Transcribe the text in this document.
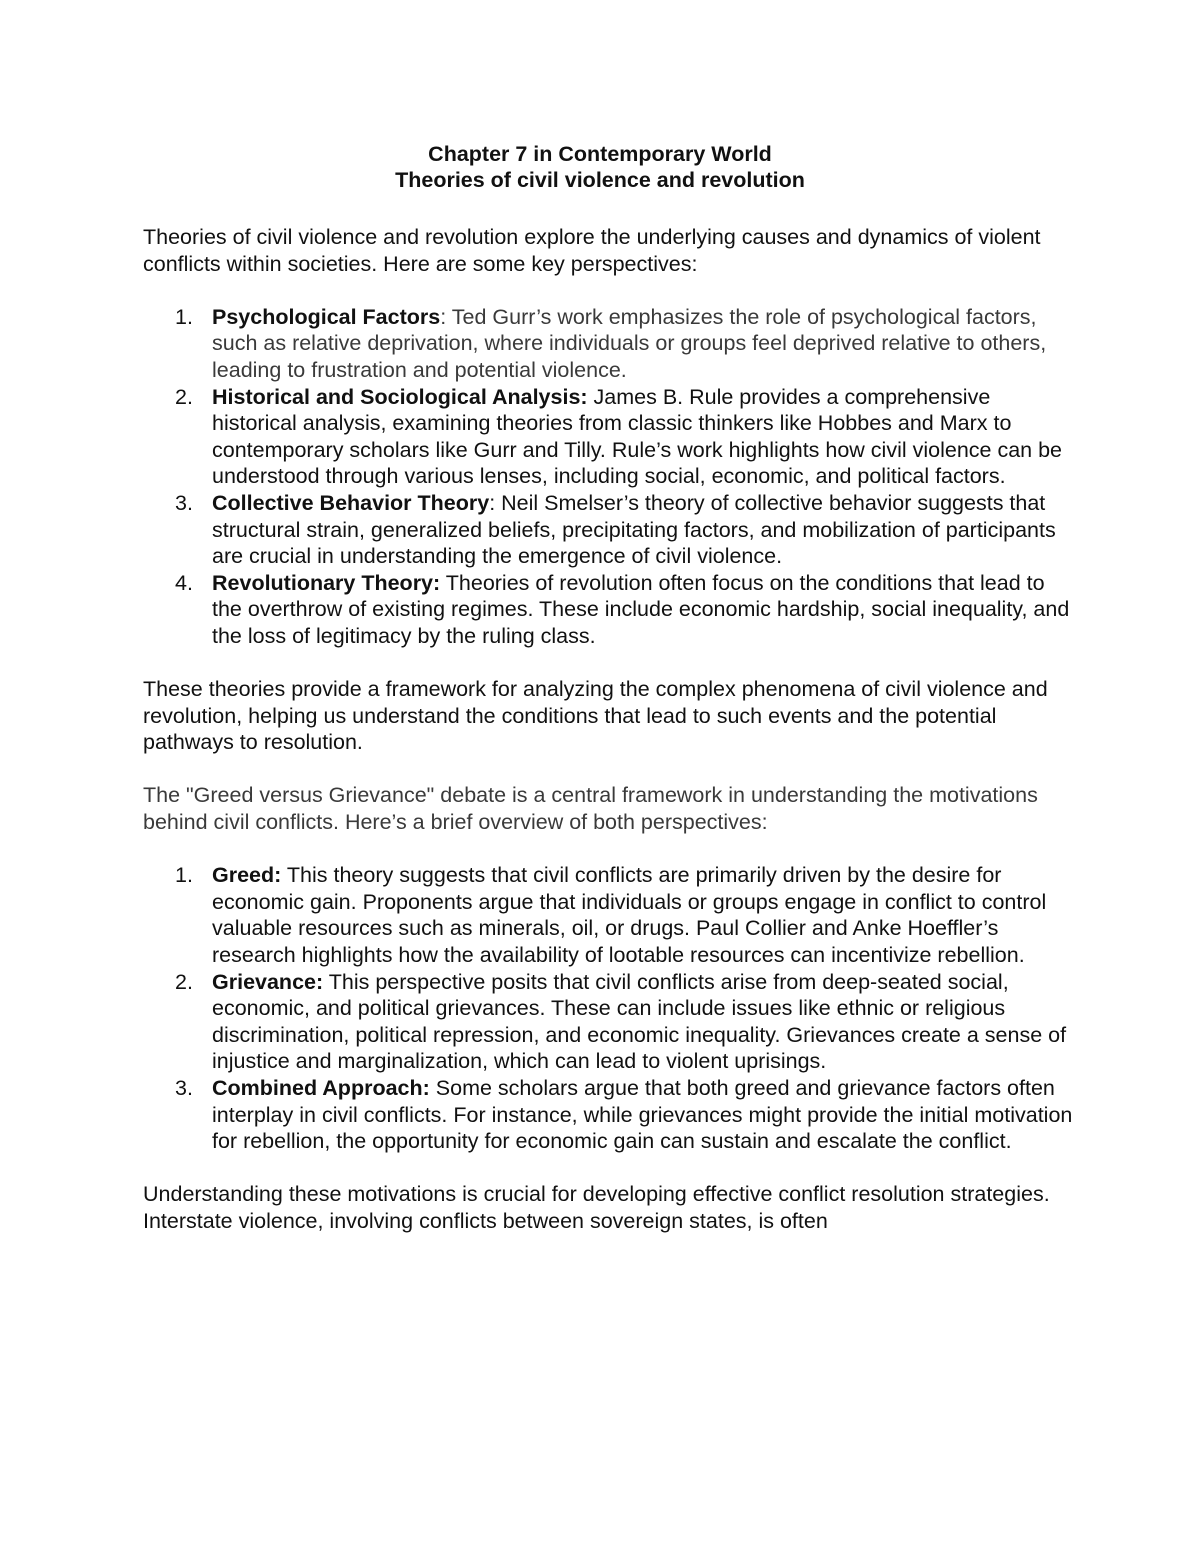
Chapter 7 in Contemporary World
Theories of civil violence and revolution

Theories of civil violence and revolution explore the underlying causes and dynamics of violent conflicts within societies. Here are some key perspectives:

1. Psychological Factors: Ted Gurr’s work emphasizes the role of psychological factors, such as relative deprivation, where individuals or groups feel deprived relative to others, leading to frustration and potential violence.
2. Historical and Sociological Analysis: James B. Rule provides a comprehensive historical analysis, examining theories from classic thinkers like Hobbes and Marx to contemporary scholars like Gurr and Tilly. Rule’s work highlights how civil violence can be understood through various lenses, including social, economic, and political factors.
3. Collective Behavior Theory: Neil Smelser’s theory of collective behavior suggests that structural strain, generalized beliefs, precipitating factors, and mobilization of participants are crucial in understanding the emergence of civil violence.
4. Revolutionary Theory: Theories of revolution often focus on the conditions that lead to the overthrow of existing regimes. These include economic hardship, social inequality, and the loss of legitimacy by the ruling class.

These theories provide a framework for analyzing the complex phenomena of civil violence and revolution, helping us understand the conditions that lead to such events and the potential pathways to resolution.

The "Greed versus Grievance" debate is a central framework in understanding the motivations behind civil conflicts. Here’s a brief overview of both perspectives:

1. Greed: This theory suggests that civil conflicts are primarily driven by the desire for economic gain. Proponents argue that individuals or groups engage in conflict to control valuable resources such as minerals, oil, or drugs. Paul Collier and Anke Hoeffler’s research highlights how the availability of lootable resources can incentivize rebellion.
2. Grievance: This perspective posits that civil conflicts arise from deep-seated social, economic, and political grievances. These can include issues like ethnic or religious discrimination, political repression, and economic inequality. Grievances create a sense of injustice and marginalization, which can lead to violent uprisings.
3. Combined Approach: Some scholars argue that both greed and grievance factors often interplay in civil conflicts. For instance, while grievances might provide the initial motivation for rebellion, the opportunity for economic gain can sustain and escalate the conflict.

Understanding these motivations is crucial for developing effective conflict resolution strategies. Interstate violence, involving conflicts between sovereign states, is often
